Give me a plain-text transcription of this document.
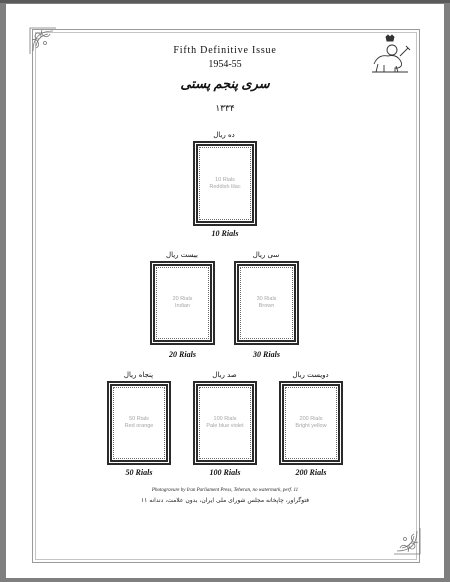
Fifth Definitive Issue
1954-55
سری پنجم پستی
۱۳۳۴
ده ریال
10 Rials
Reddish lilac
10 Rials
بیست ریال
20 Rials
Indian
20 Rials
سی ریال
30 Rials
Brown
30 Rials
پنجاه ریال
50 Rials
Red orange
50 Rials
صد ریال
100 Rials
Pale blue violet
100 Rials
دویست ریال
200 Rials
Bright yellow
200 Rials
Photogravure by Iran Parliament Press, Teheran, no watermark, perf. 11
فتوگراور، چاپخانه مجلس شورای ملی ایران، بدون علامت، دندانه ۱۱
